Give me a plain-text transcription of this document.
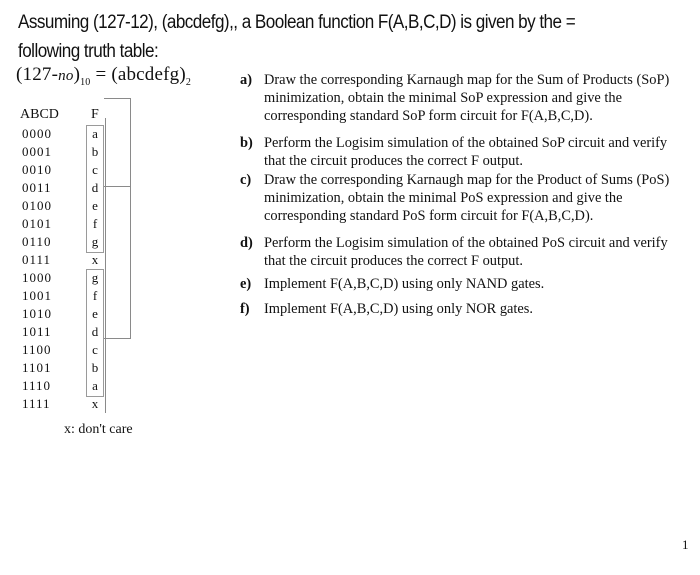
Assuming (127-12), (abcdefg),, a Boolean function F(A,B,C,D) is given by the = following truth table:
$(127-no)_{10}$ = $(abcdefg)_2$
ABCD F
0000	a
0001	b
0010	c
0011	d
0100	e
0101	f
0110	g
0111	x
1000	g
1001	f
1010	e
1011	d
1100	c
1101	b
1110	a
1111	x
x: don't care
a) Draw the corresponding Karnaugh map for the Sum of Products (SoP) minimization, obtain the minimal SoP expression and give the corresponding standard SoP form circuit for F(A,B,C,D).
b) Perform the Logisim simulation of the obtained SoP circuit and verify that the circuit produces the correct F output.
c) Draw the corresponding Karnaugh map for the Product of Sums (PoS) minimization, obtain the minimal PoS expression and give the corresponding standard PoS form circuit for F(A,B,C,D).
d) Perform the Logisim simulation of the obtained PoS circuit and verify that the circuit produces the correct F output.
e) Implement F(A,B,C,D) using only NAND gates.
f) Implement F(A,B,C,D) using only NOR gates.
1
